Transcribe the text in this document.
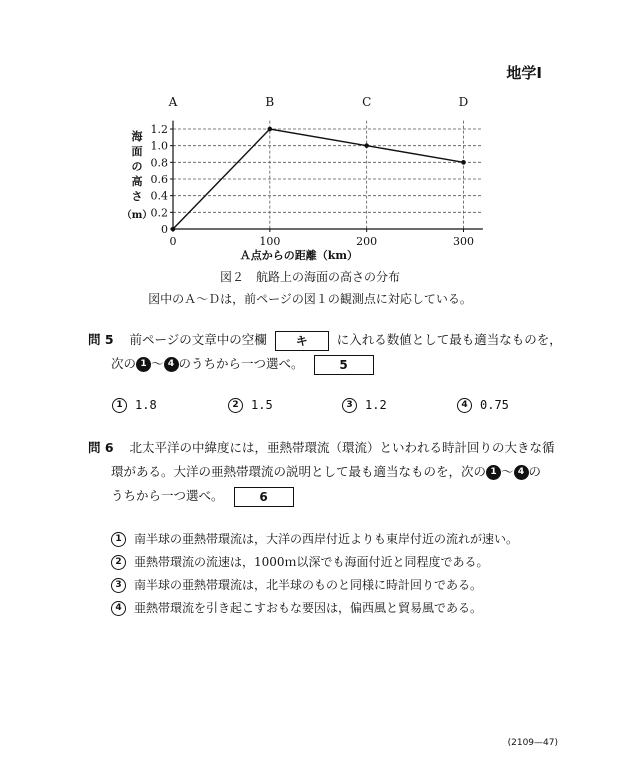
地学Ⅰ
0
0.2
0.4
0.6
0.8
1.0
1.2
0	100	200	300
A	B	C	D
Ａ点からの距離（km）
海
面
の
高
さ
（m）
図２　航路上の海面の高さの分布
図中のＡ～Ｄは，前ページの図１の観測点に対応している。
問 5 前ページの文章中の空欄 キ に入れる数値として最も適当なものを，
次の 1 ～ 4 のうちから一つ選べ。	5
1 1.8	2 1.5	3 1.2	4 0.75
問 6 北太平洋の中緯度には，亜熱帯環流（環流）といわれる時計回りの大きな循
環がある。大洋の亜熱帯環流の説明として最も適当なものを，次の 1 ～ 4 の
うちから一つ選べ。	6
1 南半球の亜熱帯環流は，大洋の西岸付近よりも東岸付近の流れが速い。
2 亜熱帯環流の流速は，1000ｍ以深でも海面付近と同程度である。
3 南半球の亜熱帯環流は，北半球のものと同様に時計回りである。
4 亜熱帯環流を引き起こすおもな要因は，偏西風と貿易風である。
(2109—47)
